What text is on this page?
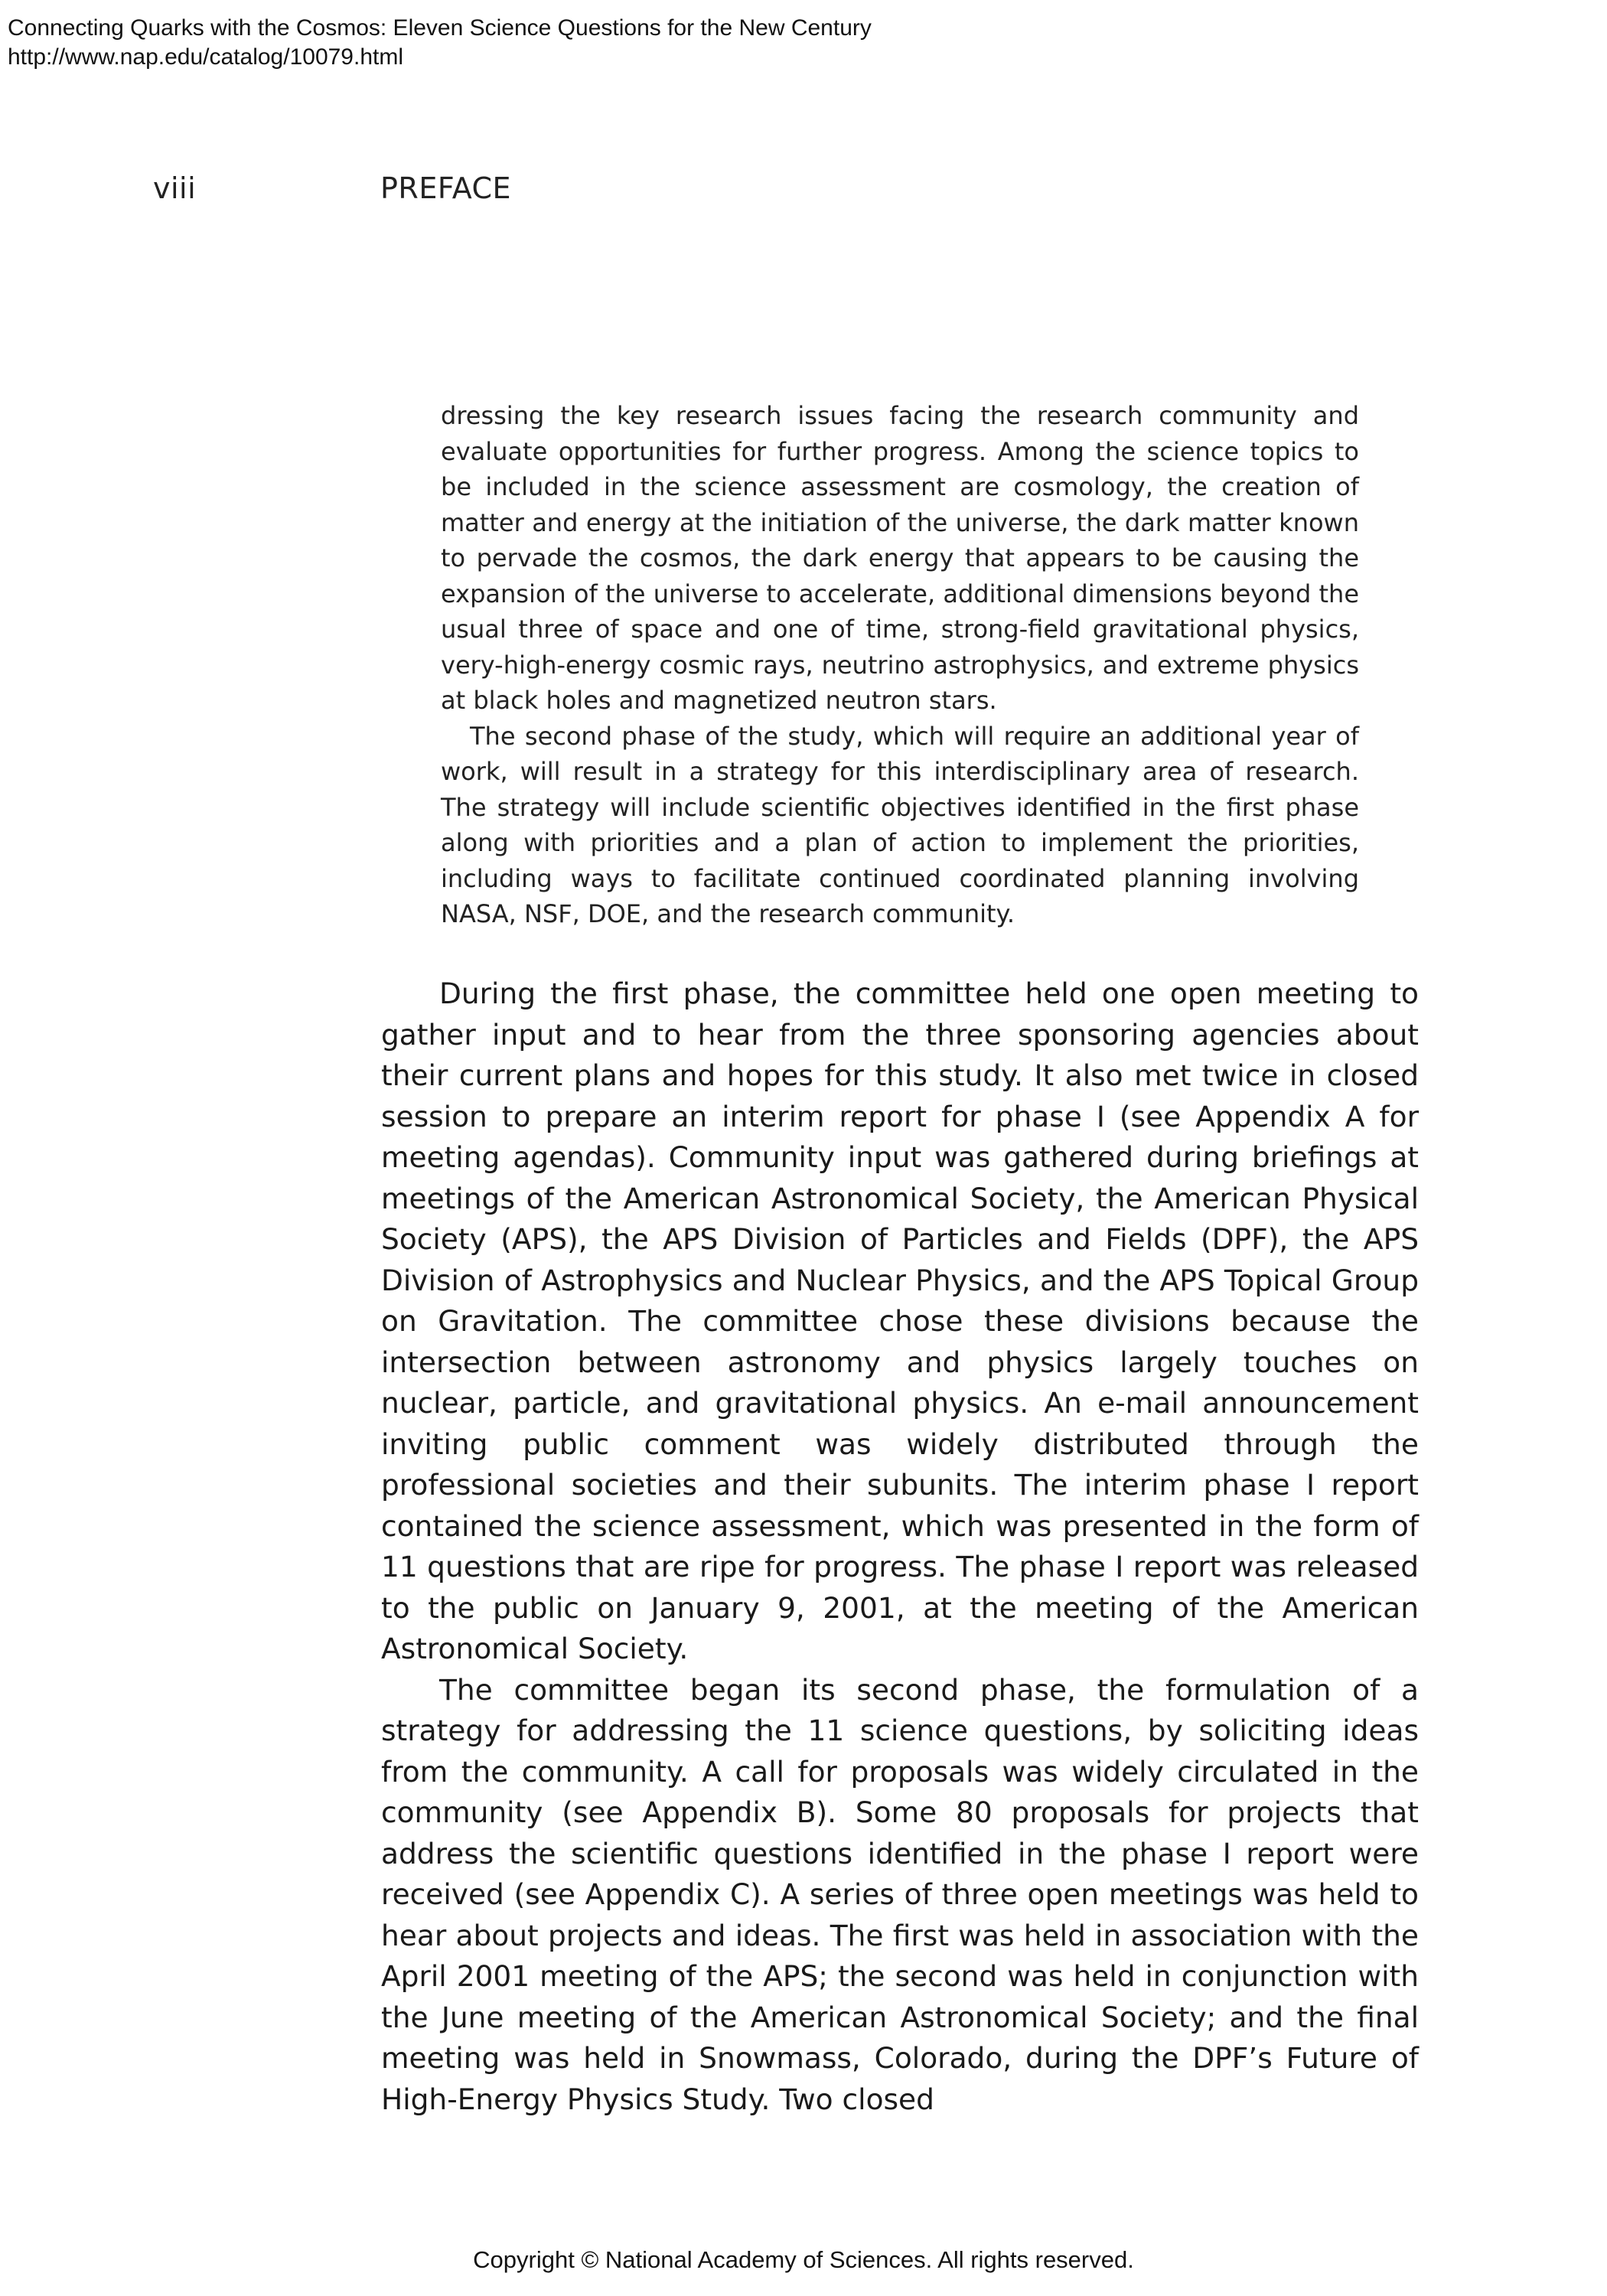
Connecting Quarks with the Cosmos: Eleven Science Questions for the New Century
http://www.nap.edu/catalog/10079.html
viii	PREFACE

dressing the key research issues facing the research community and evaluate opportunities for further progress. Among the science topics to be included in the science assessment are cosmology, the creation of matter and energy at the initiation of the universe, the dark matter known to pervade the cosmos, the dark energy that appears to be causing the expansion of the universe to accelerate, additional dimensions beyond the usual three of space and one of time, strong-field gravitational physics, very-high-energy cosmic rays, neutrino astrophysics, and extreme physics at black holes and magnetized neutron stars.

The second phase of the study, which will require an additional year of work, will result in a strategy for this interdisciplinary area of research. The strategy will include scientific objectives identified in the first phase along with priorities and a plan of action to implement the priorities, including ways to facilitate continued coordinated planning involving NASA, NSF, DOE, and the research community.

During the first phase, the committee held one open meeting to gather input and to hear from the three sponsoring agencies about their current plans and hopes for this study. It also met twice in closed session to prepare an interim report for phase I (see Appendix A for meeting agendas). Community input was gathered during briefings at meetings of the American Astronomical Society, the American Physical Society (APS), the APS Division of Particles and Fields (DPF), the APS Division of Astrophysics and Nuclear Physics, and the APS Topical Group on Gravitation. The committee chose these divisions because the intersection between astronomy and physics largely touches on nuclear, particle, and gravitational physics. An e-mail announcement inviting public comment was widely distributed through the professional societies and their subunits. The interim phase I report contained the science assessment, which was presented in the form of 11 questions that are ripe for progress. The phase I report was released to the public on January 9, 2001, at the meeting of the American Astronomical Society.

The committee began its second phase, the formulation of a strategy for addressing the 11 science questions, by soliciting ideas from the community. A call for proposals was widely circulated in the community (see Appendix B). Some 80 proposals for projects that address the scientific questions identified in the phase I report were received (see Appendix C). A series of three open meetings was held to hear about projects and ideas. The first was held in association with the April 2001 meeting of the APS; the second was held in conjunction with the June meeting of the American Astronomical Society; and the final meeting was held in Snowmass, Colorado, during the DPF’s Future of High-Energy Physics Study. Two closed

Copyright © National Academy of Sciences. All rights reserved.
